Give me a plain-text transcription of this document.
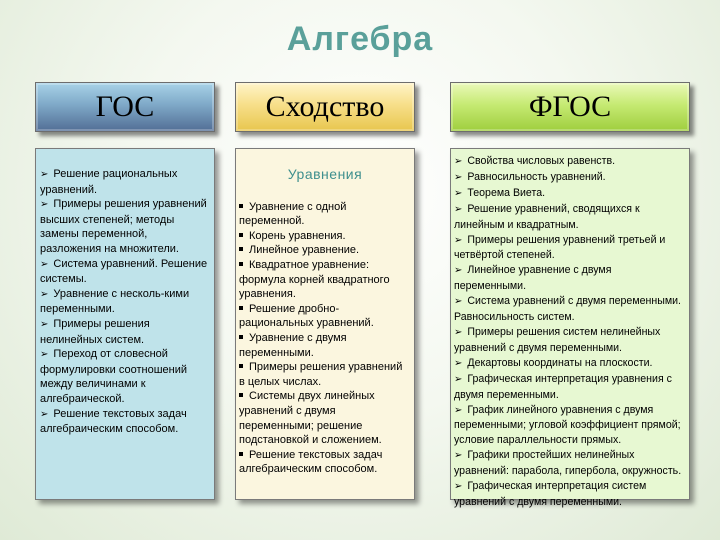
Алгебра
ГОС	Сходство	ФГОС
➢ Решение рациональных уравнений.
➢ Примеры решения уравнений высших степеней; методы замены переменной, разложения на множители.
➢ Система уравнений. Решение системы.
➢ Уравнение с несколь-кими переменными.
➢ Примеры решения нелинейных систем.
➢ Переход от словесной формулировки соотношений между величинами к алгебраической.
➢ Решение текстовых задач алгебраическим способом.
Уравнения
Уравнение с одной переменной.
Корень уравнения.
Линейное уравнение.
Квадратное уравнение: формула корней квадратного уравнения.
Решение дробно-рациональных уравнений.
Уравнение с двумя переменными.
Примеры решения уравнений в целых числах.
Системы двух линейных уравнений с двумя переменными; решение подстановкой и сложением.
Решение текстовых задач алгебраическим способом.
➢ Свойства числовых равенств.
➢ Равносильность уравнений.
➢ Теорема Виета.
➢ Решение уравнений, сводящихся к линейным и квадратным.
➢ Примеры решения уравнений третьей и четвёртой степеней.
➢ Линейное уравнение с двумя переменными.
➢ Система уравнений с двумя переменными. Равносильность систем.
➢ Примеры решения систем нелинейных уравнений с двумя переменными.
➢ Декартовы координаты на плоскости.
➢ Графическая интерпретация уравнения с двумя переменными.
➢ График линейного уравнения с двумя переменными; угловой коэффициент прямой; условие параллельности прямых.
➢ Графики простейших нелинейных уравнений: парабола, гипербола, окружность.
➢ Графическая интерпретация систем уравнений с двумя переменными.
